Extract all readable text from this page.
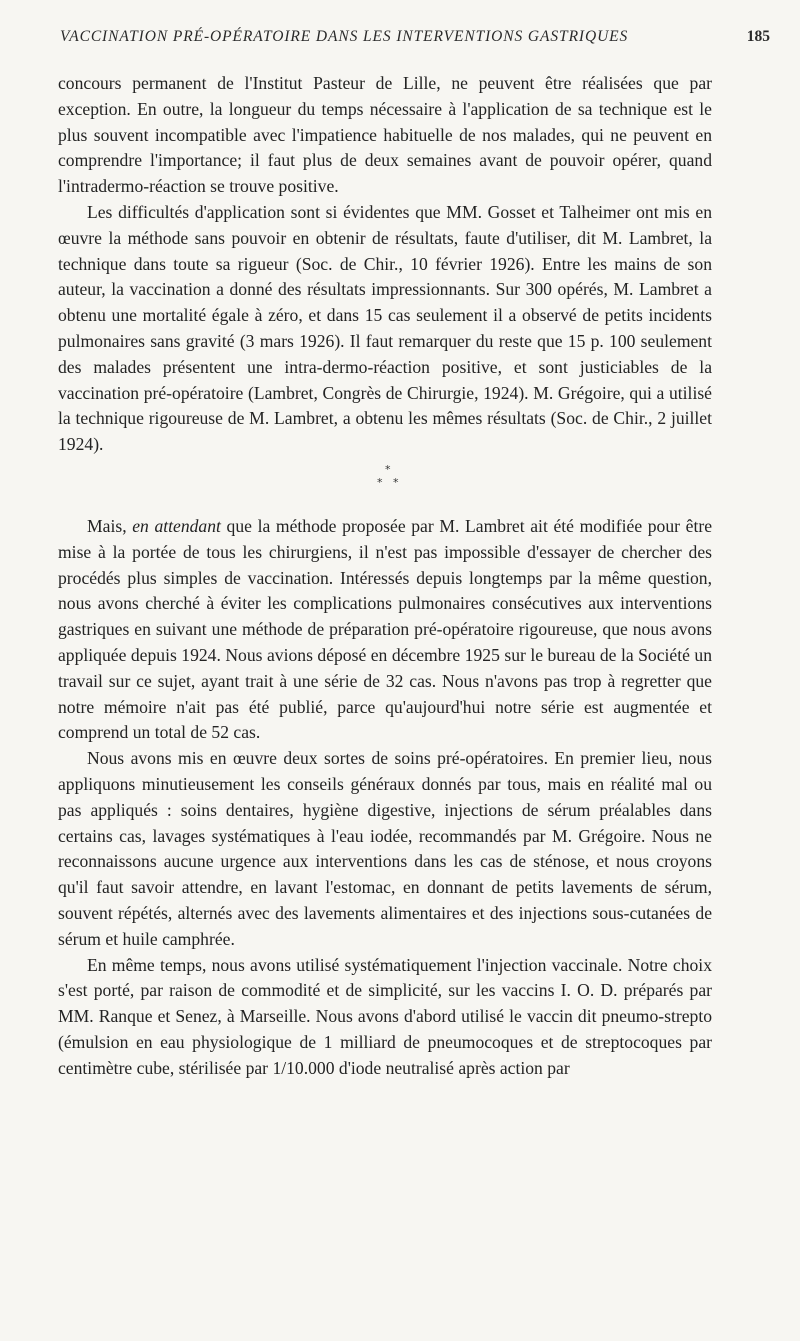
VACCINATION PRÉ-OPÉRATOIRE DANS LES INTERVENTIONS GASTRIQUES	185

concours permanent de l'Institut Pasteur de Lille, ne peuvent être réalisées que par exception. En outre, la longueur du temps nécessaire à l'application de sa technique est le plus souvent incompatible avec l'impatience habituelle de nos malades, qui ne peuvent en comprendre l'importance; il faut plus de deux semaines avant de pouvoir opérer, quand l'intradermo-réaction se trouve positive.

Les difficultés d'application sont si évidentes que MM. Gosset et Talheimer ont mis en œuvre la méthode sans pouvoir en obtenir de résultats, faute d'utiliser, dit M. Lambret, la technique dans toute sa rigueur (Soc. de Chir., 10 février 1926). Entre les mains de son auteur, la vaccination a donné des résultats impressionnants. Sur 300 opérés, M. Lambret a obtenu une mortalité égale à zéro, et dans 15 cas seulement il a observé de petits incidents pulmonaires sans gravité (3 mars 1926). Il faut remarquer du reste que 15 p. 100 seulement des malades présentent une intra-dermo-réaction positive, et sont justiciables de la vaccination pré-opératoire (Lambret, Congrès de Chirurgie, 1924). M. Grégoire, qui a utilisé la technique rigoureuse de M. Lambret, a obtenu les mêmes résultats (Soc. de Chir., 2 juillet 1924).

*
* *

Mais, en attendant que la méthode proposée par M. Lambret ait été modifiée pour être mise à la portée de tous les chirurgiens, il n'est pas impossible d'essayer de chercher des procédés plus simples de vaccination. Intéressés depuis longtemps par la même question, nous avons cherché à éviter les complications pulmonaires consécutives aux interventions gastriques en suivant une méthode de préparation pré-opératoire rigoureuse, que nous avons appliquée depuis 1924. Nous avions déposé en décembre 1925 sur le bureau de la Société un travail sur ce sujet, ayant trait à une série de 32 cas. Nous n'avons pas trop à regretter que notre mémoire n'ait pas été publié, parce qu'aujourd'hui notre série est augmentée et comprend un total de 52 cas.

Nous avons mis en œuvre deux sortes de soins pré-opératoires. En premier lieu, nous appliquons minutieusement les conseils généraux donnés par tous, mais en réalité mal ou pas appliqués : soins dentaires, hygiène digestive, injections de sérum préalables dans certains cas, lavages systématiques à l'eau iodée, recommandés par M. Grégoire. Nous ne reconnaissons aucune urgence aux interventions dans les cas de sténose, et nous croyons qu'il faut savoir attendre, en lavant l'estomac, en donnant de petits lavements de sérum, souvent répétés, alternés avec des lavements alimentaires et des injections sous-cutanées de sérum et huile camphrée.

En même temps, nous avons utilisé systématiquement l'injection vaccinale. Notre choix s'est porté, par raison de commodité et de simplicité, sur les vaccins I. O. D. préparés par MM. Ranque et Senez, à Marseille. Nous avons d'abord utilisé le vaccin dit pneumo-strepto (émulsion en eau physiologique de 1 milliard de pneumocoques et de streptocoques par centimètre cube, stérilisée par 1/10.000 d'iode neutralisé après action par
